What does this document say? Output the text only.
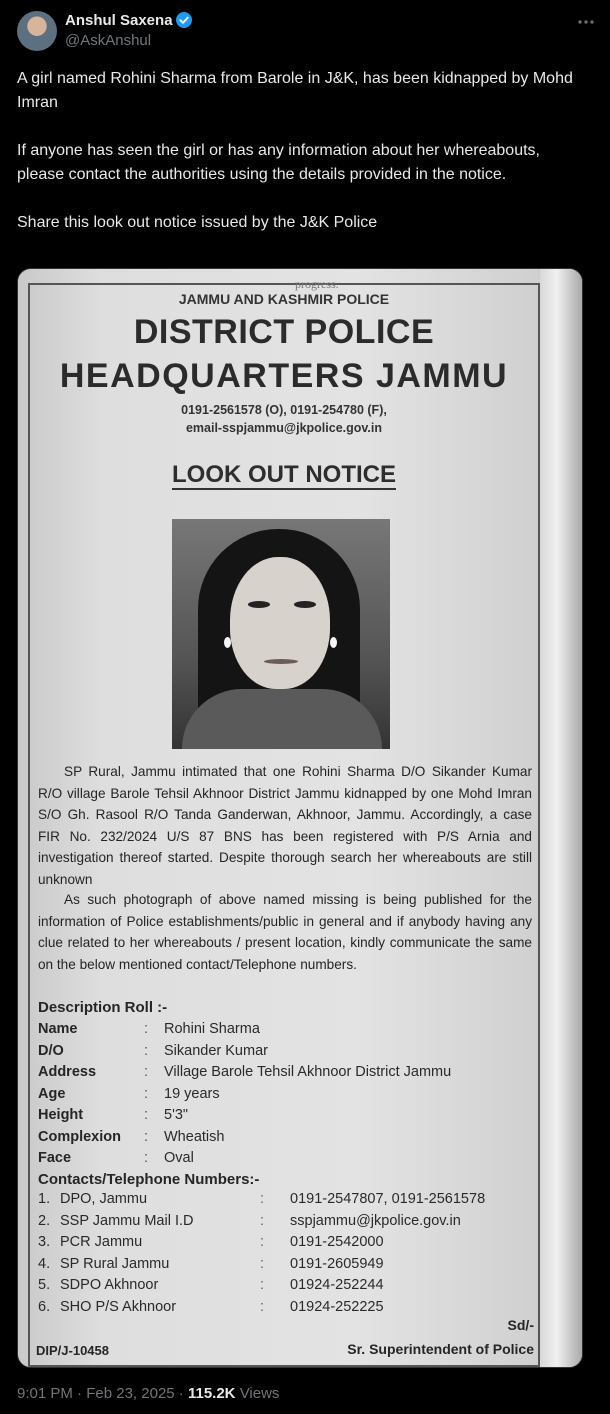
Anshul Saxena
@AskAnshul

A girl named Rohini Sharma from Barole in J&K, has been kidnapped by Mohd Imran

If anyone has seen the girl or has any information about her whereabouts, please contact the authorities using the details provided in the notice.

Share this look out notice issued by the J&K Police

progress.
JAMMU AND KASHMIR POLICE
DISTRICT POLICE
HEADQUARTERS JAMMU
0191-2561578 (O), 0191-254780 (F),
email-sspjammu@jkpolice.gov.in
LOOK OUT NOTICE
SP Rural, Jammu intimated that one Rohini Sharma D/O Sikander Kumar R/O village Barole Tehsil Akhnoor District Jammu kidnapped by one Mohd Imran S/O Gh. Rasool R/O Tanda Ganderwan, Akhnoor, Jammu. Accordingly, a case FIR No. 232/2024 U/S 87 BNS has been registered with P/S Arnia and investigation thereof started. Despite thorough search her whereabouts are still unknown
As such photograph of above named missing is being published for the information of Police establishments/public in general and if anybody having any clue related to her whereabouts / present location, kindly communicate the same on the below mentioned contact/Telephone numbers.
Description Roll :-
Name	: Rohini Sharma
D/O	: Sikander Kumar
Address	: Village Barole Tehsil Akhnoor District Jammu
Age	: 19 years
Height	: 5'3"
Complexion : Wheatish
Face	: Oval
Contacts/Telephone Numbers:-
1. DPO, Jammu	: 0191-2547807, 0191-2561578
2. SSP Jammu Mail I.D	: sspjammu@jkpolice.gov.in
3. PCR Jammu	: 0191-2542000
4. SP Rural Jammu	: 0191-2605949
5. SDPO Akhnoor	: 01924-252244
6. SHO P/S Akhnoor	: 01924-252225
Sd/-
DIP/J-10458	Sr. Superintendent of Police
9:01 PM · Feb 23, 2025 · 115.2K Views
